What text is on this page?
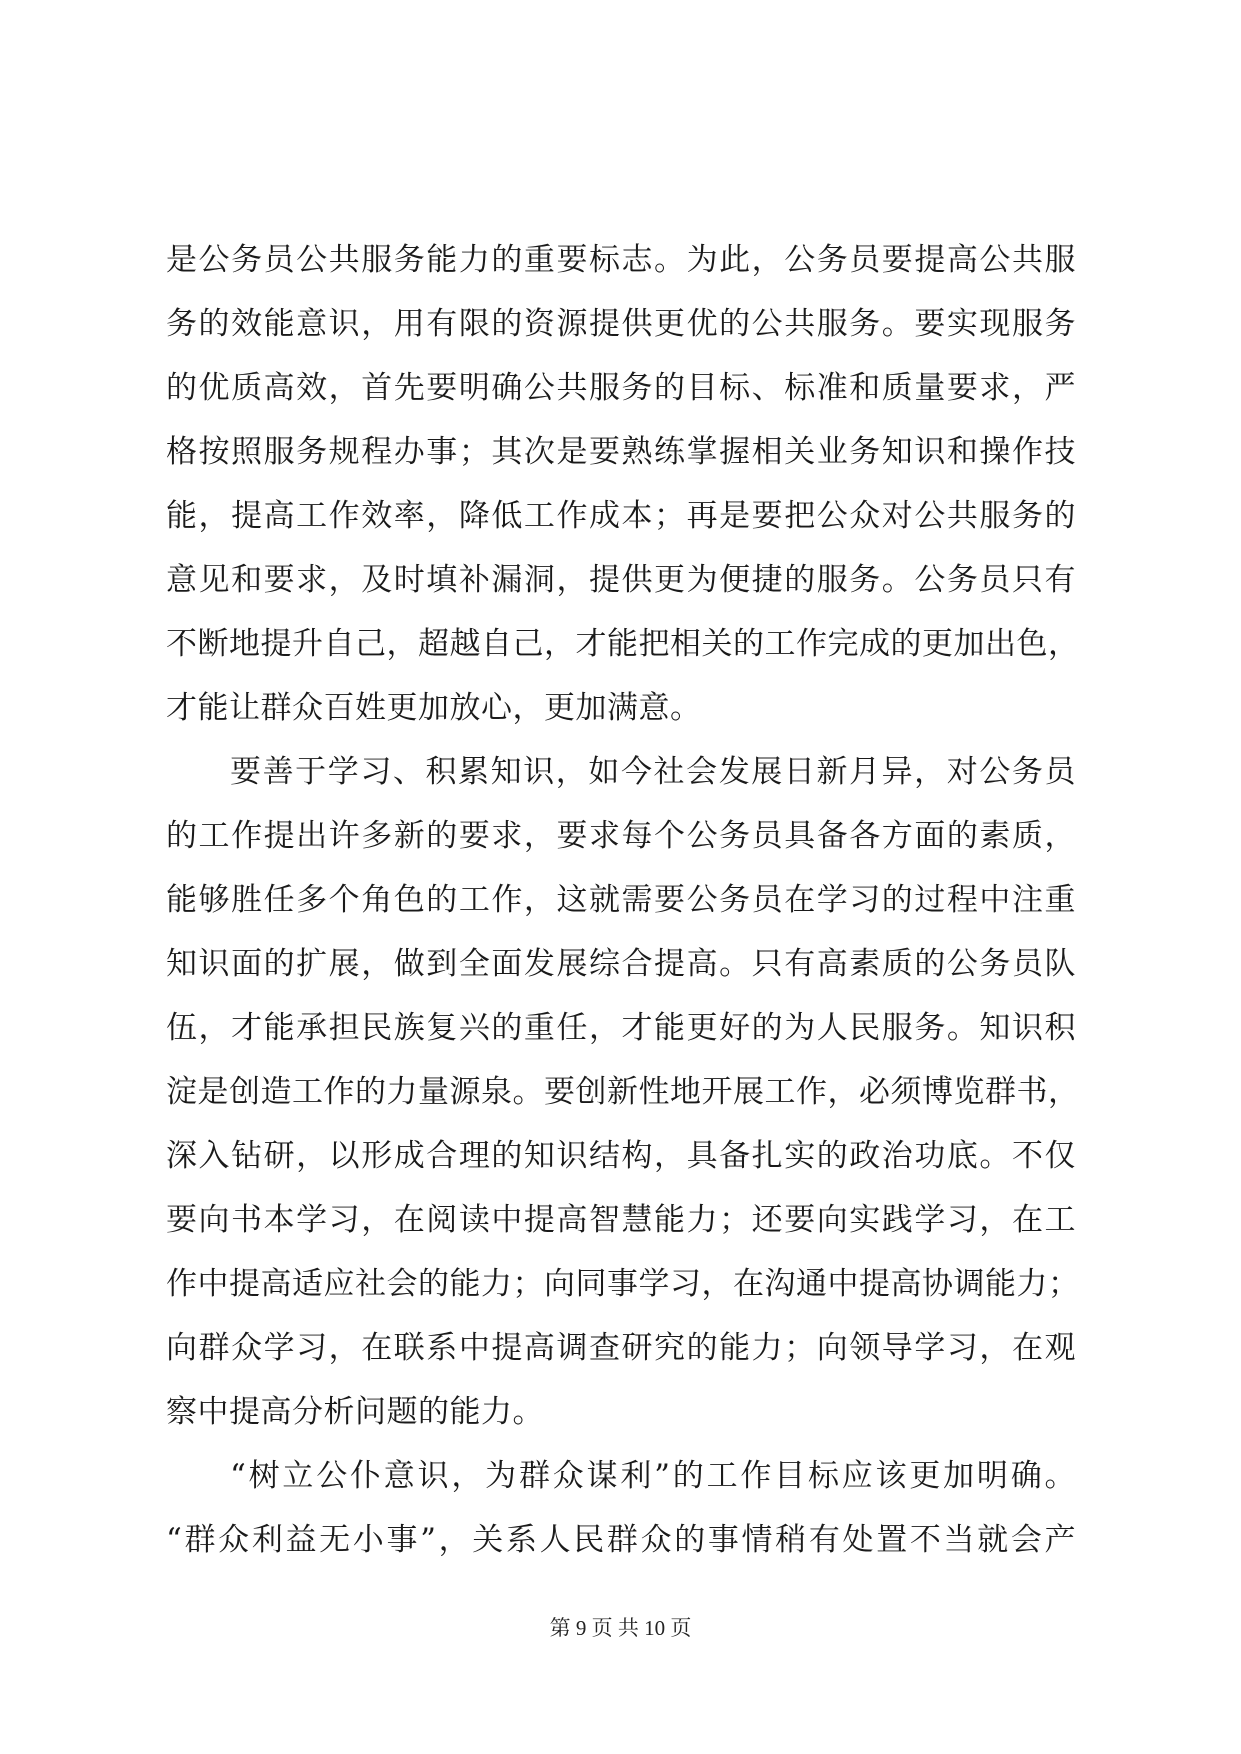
是公务员公共服务能力的重要标志。为此，公务员要提高公共服
务的效能意识，用有限的资源提供更优的公共服务。要实现服务
的优质高效，首先要明确公共服务的目标、标准和质量要求，严
格按照服务规程办事；其次是要熟练掌握相关业务知识和操作技
能，提高工作效率，降低工作成本；再是要把公众对公共服务的
意见和要求，及时填补漏洞，提供更为便捷的服务。公务员只有
不断地提升自己，超越自己，才能把相关的工作完成的更加出色，
才能让群众百姓更加放心，更加满意。
要善于学习、积累知识，如今社会发展日新月异，对公务员
的工作提出许多新的要求，要求每个公务员具备各方面的素质，
能够胜任多个角色的工作，这就需要公务员在学习的过程中注重
知识面的扩展，做到全面发展综合提高。只有高素质的公务员队
伍，才能承担民族复兴的重任，才能更好的为人民服务。知识积
淀是创造工作的力量源泉。要创新性地开展工作，必须博览群书，
深入钻研，以形成合理的知识结构，具备扎实的政治功底。不仅
要向书本学习，在阅读中提高智慧能力；还要向实践学习，在工
作中提高适应社会的能力；向同事学习，在沟通中提高协调能力；
向群众学习，在联系中提高调查研究的能力；向领导学习，在观
察中提高分析问题的能力。
“树立公仆意识，为群众谋利”的工作目标应该更加明确。
“群众利益无小事”，关系人民群众的事情稍有处置不当就会产
第 9 页 共 10 页
